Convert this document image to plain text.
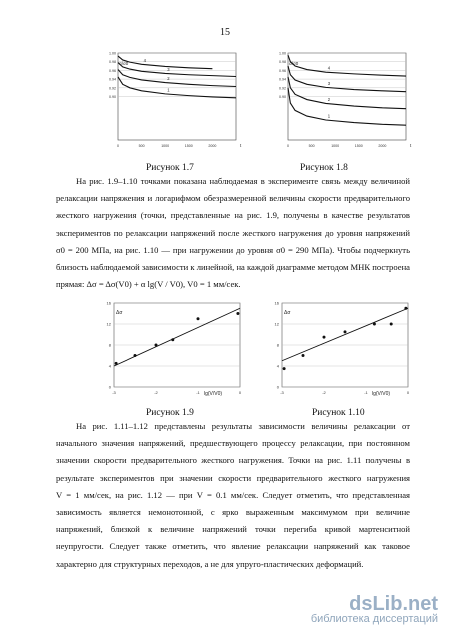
15
1.00
0.98
0.96
0.94
0.92
0.90
0	500	1000	1500	2000
σ/σ0
t
1
2
3
4
Рисунок 1.7
1.00
0.98
0.96
0.94
0.92
0.90
0	500	1000	1500	2000
σ/σ0
t
1
2
3
4
Рисунок 1.8
На рис. 1.9–1.10 точками показана наблюдаемая в эксперименте связь между величиной
релаксации напряжения и логарифмом обезразмеренной величины скорости предварительного
жесткого нагружения (точки, представленные на рис. 1.9, получены в качестве результатов
экспериментов по релаксации напряжений после жесткого нагружения до уровня напряжений
σ0 = 200 МПа, на рис. 1.10 — при нагружении до уровня σ0 = 290 МПа). Чтобы подчеркнуть
близость наблюдаемой зависимости к линейной, на каждой диаграмме методом МНК построена
прямая: Δσ = Δσ(V0) + α lg(V / V0), V0 = 1 мм/сек.
0
4
8
12
16
-3	-2	-1	0
Δσ
lg(V/V0)
Рисунок 1.9
0
4
8
12
16
-3	-2	-1	0
Δσ
lg(V/V0)
Рисунок 1.10
На рис. 1.11–1.12 представлены результаты зависимости величины релаксации от
начального значения напряжений, предшествующего процессу релаксации, при постоянном
значении скорости предварительного жесткого нагружения. Точки на рис. 1.11 получены в
результате экспериментов при значении скорости предварительного жесткого нагружения
V = 1 мм/сек, на рис. 1.12 — при V = 0.1 мм/сек. Следует отметить, что представленная
зависимость является немонотонной, с ярко выраженным максимумом при величине
напряжений, близкой к величине напряжений точки перегиба кривой мартенситной
неупругости. Следует также отметить, что явление релаксации напряжений как таковое
характерно для структурных переходов, а не для упруго-пластических деформаций.
dsLib.net
библиотека диссертаций
